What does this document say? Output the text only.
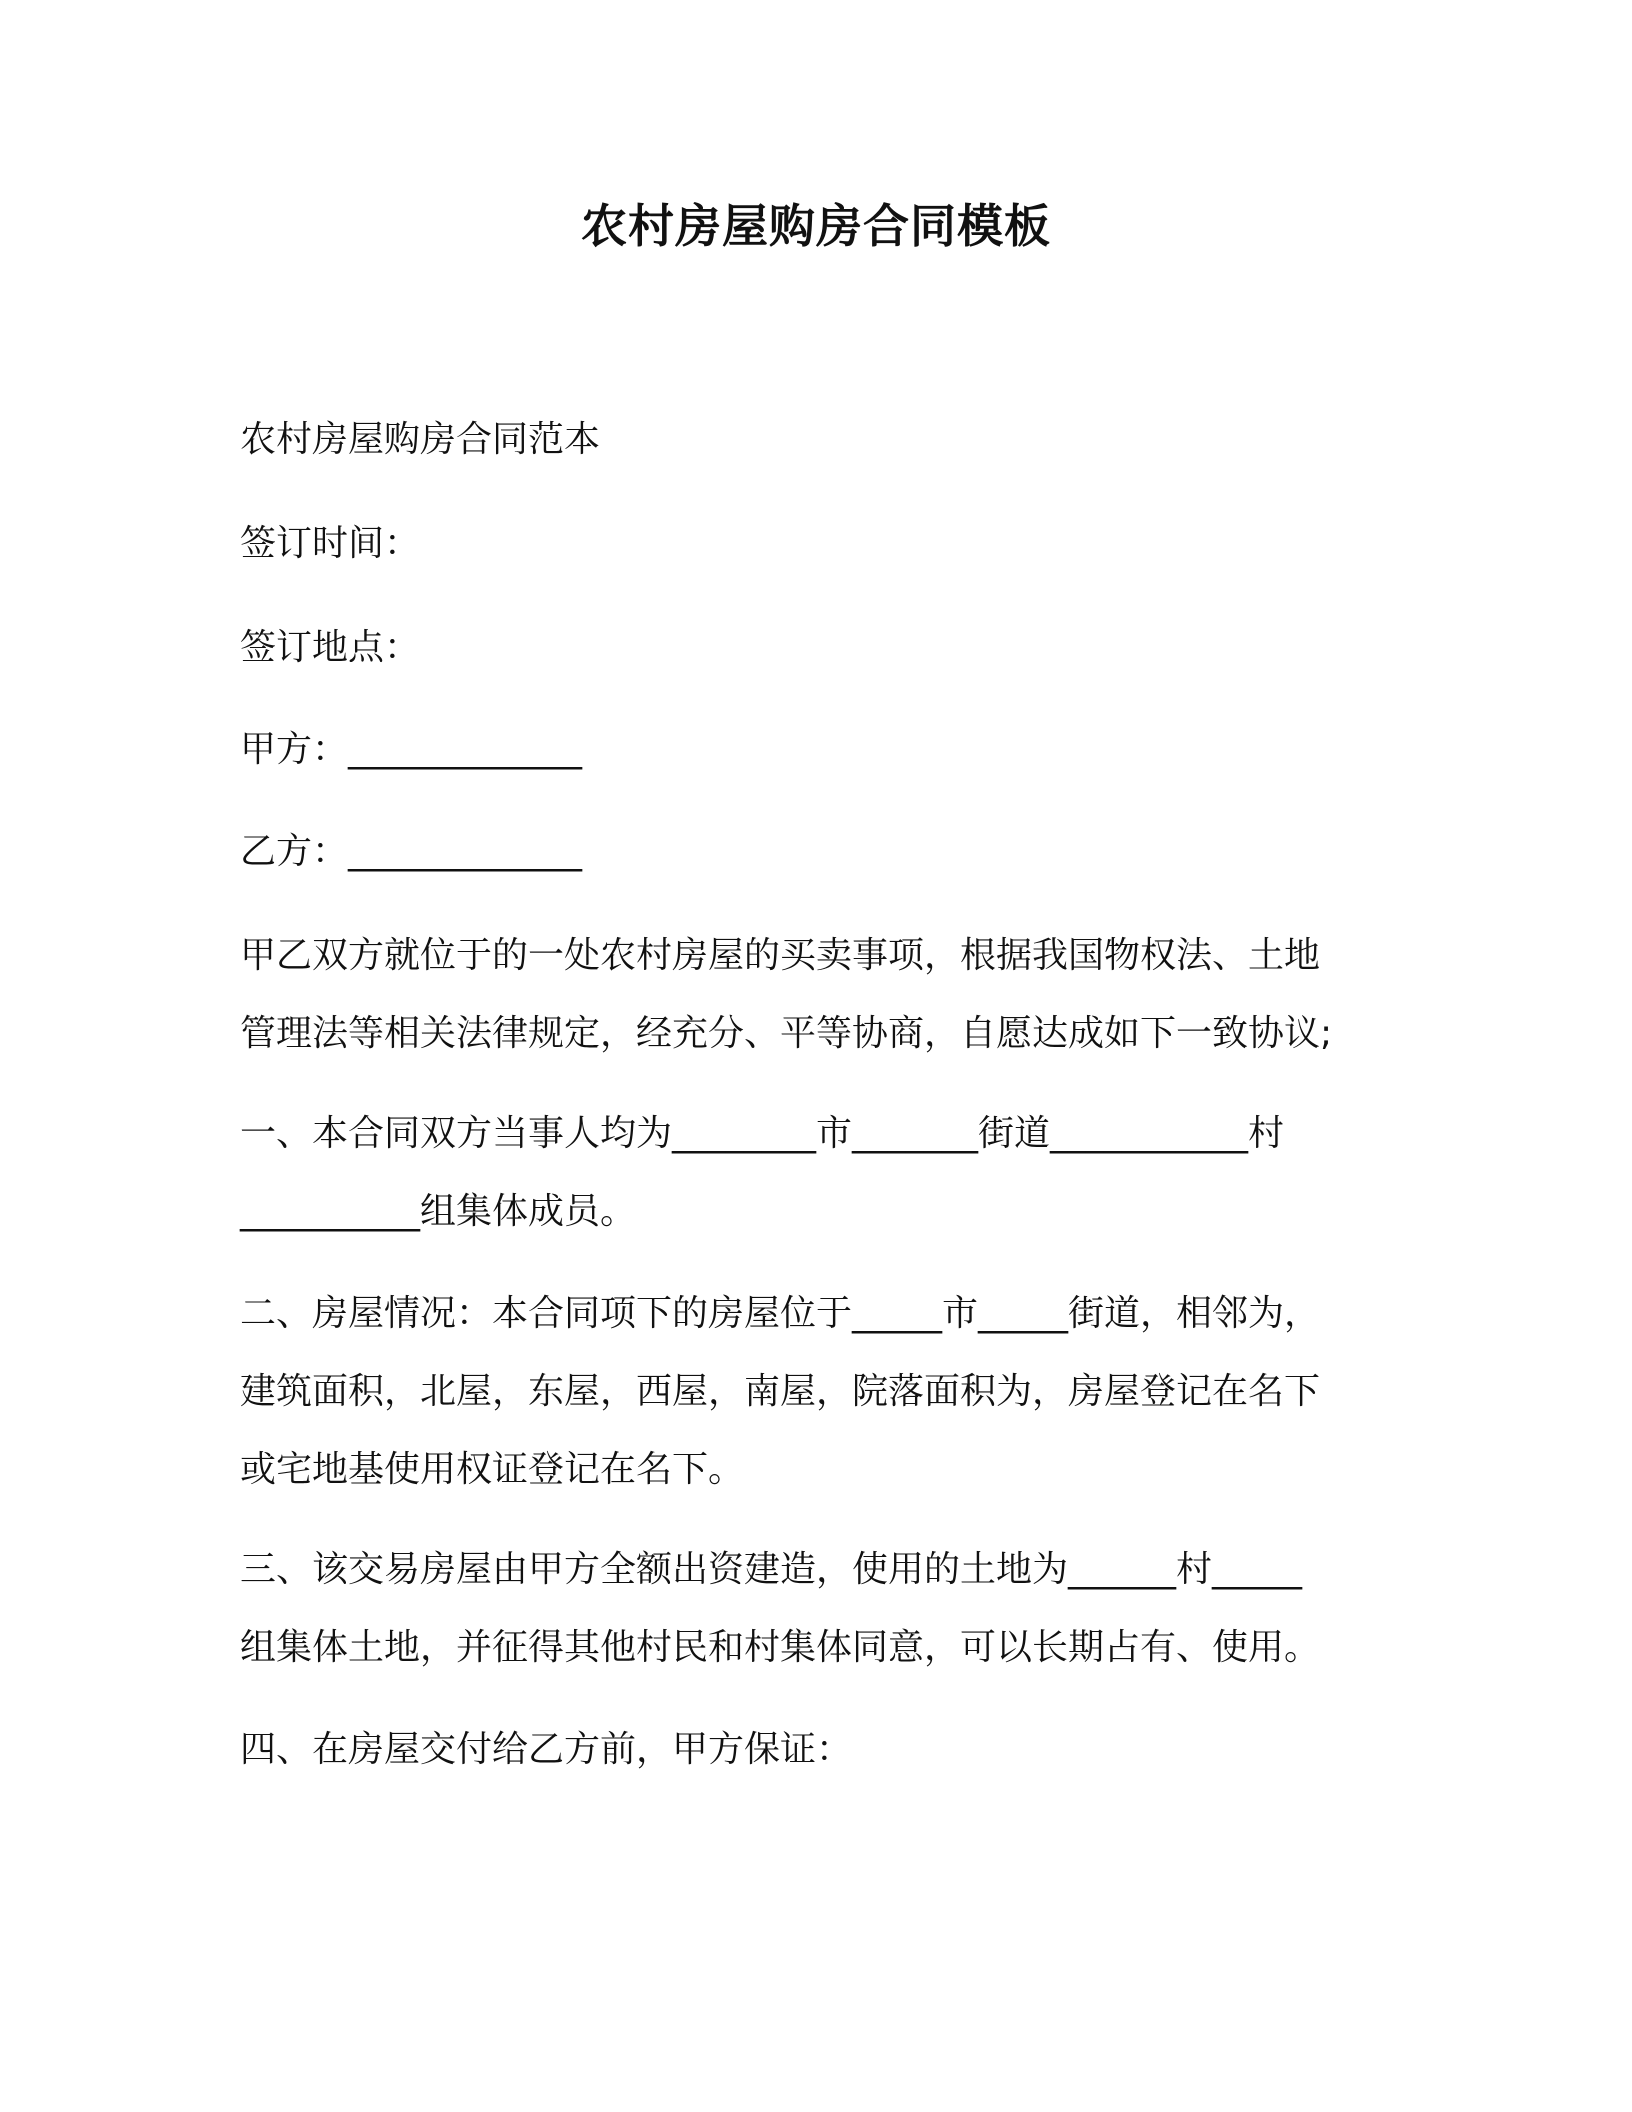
农村房屋购房合同模板
农村房屋购房合同范本
签订时间：
签订地点：
甲方：_____________
乙方：_____________
甲乙双方就位于的一处农村房屋的买卖事项，根据我国物权法、土地
管理法等相关法律规定，经充分、平等协商，自愿达成如下一致协议;
一、本合同双方当事人均为________市_______街道___________村
__________组集体成员。
二、房屋情况：本合同项下的房屋位于_____市_____街道，相邻为，
建筑面积，北屋，东屋，西屋，南屋，院落面积为，房屋登记在名下
或宅地基使用权证登记在名下。
三、该交易房屋由甲方全额出资建造，使用的土地为______村_____
组集体土地，并征得其他村民和村集体同意，可以长期占有、使用。
四、在房屋交付给乙方前，甲方保证：
